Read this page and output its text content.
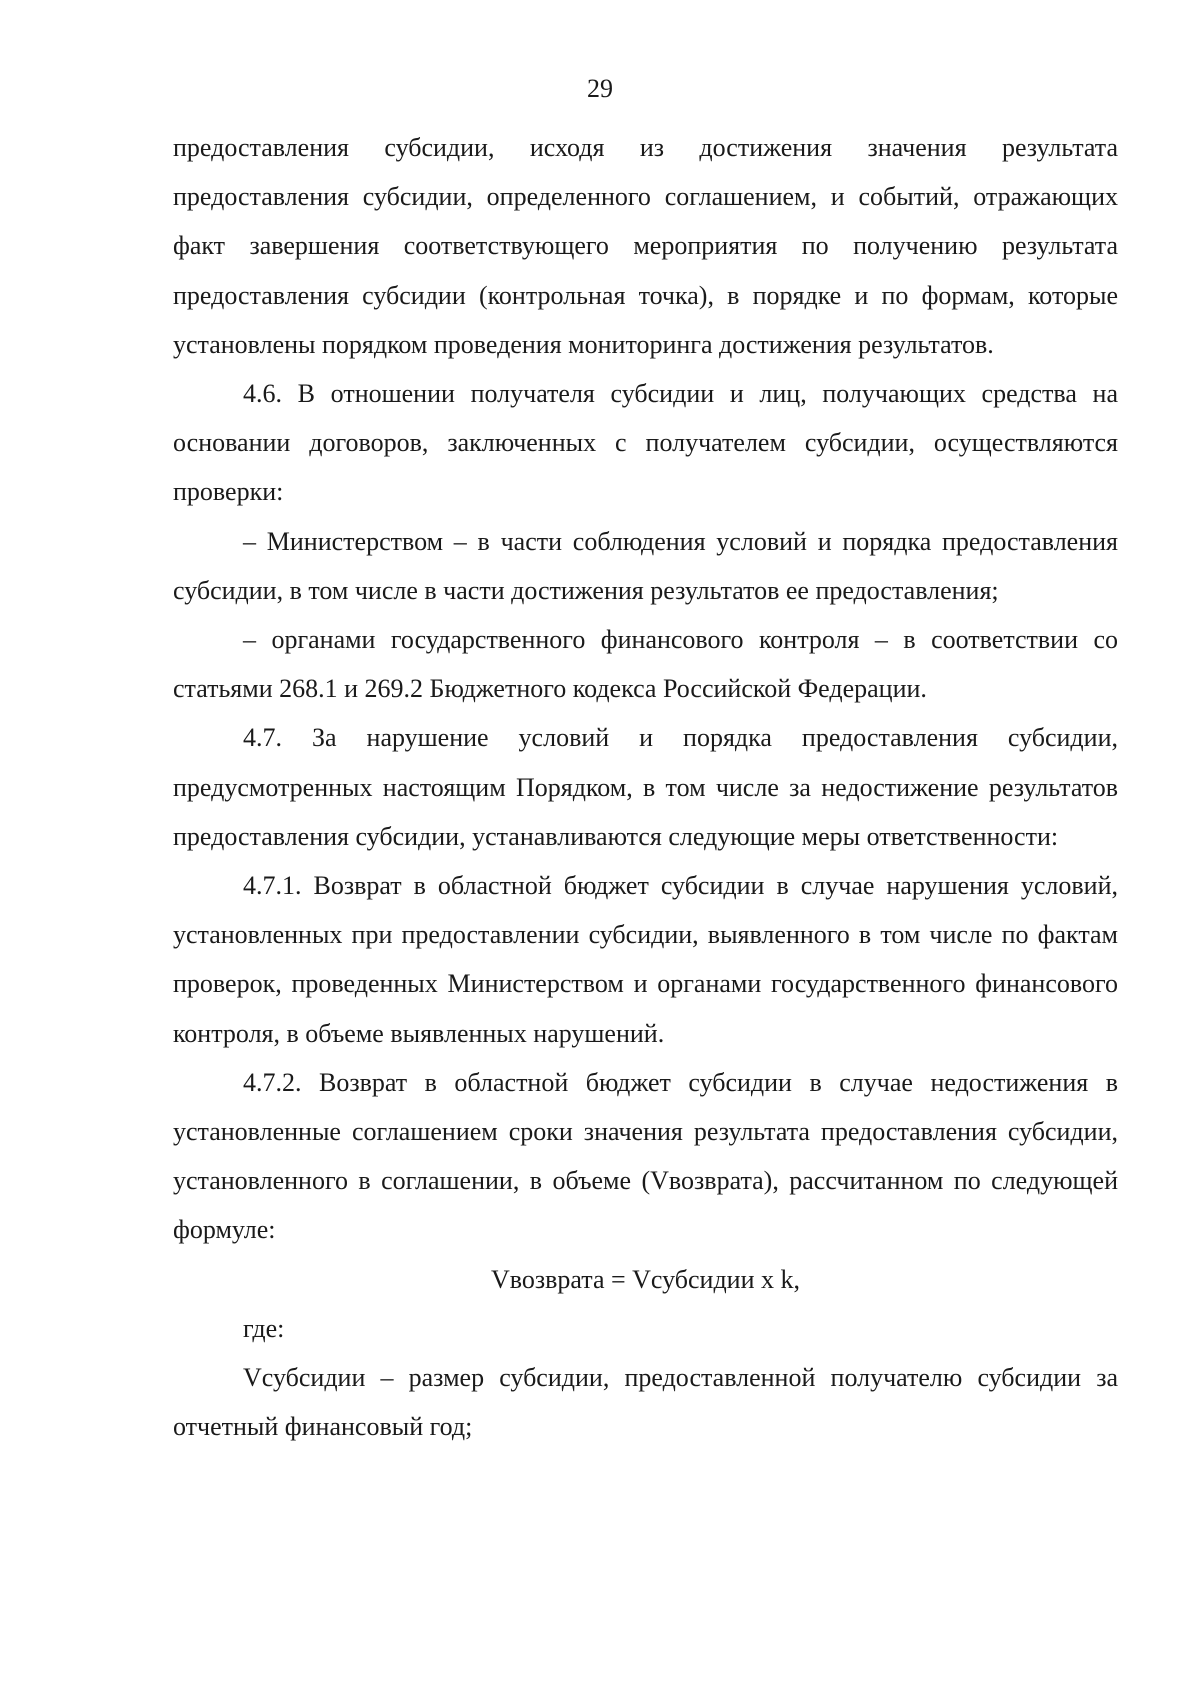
29

предоставления субсидии, исходя из достижения значения результата предоставления субсидии, определенного соглашением, и событий, отражающих факт завершения соответствующего мероприятия по получению результата предоставления субсидии (контрольная точка), в порядке и по формам, которые установлены порядком проведения мониторинга достижения результатов.

4.6. В отношении получателя субсидии и лиц, получающих средства на основании договоров, заключенных с получателем субсидии, осуществляются проверки:

– Министерством – в части соблюдения условий и порядка предоставления субсидии, в том числе в части достижения результатов ее предоставления;

– органами государственного финансового контроля – в соответствии со статьями 268.1 и 269.2 Бюджетного кодекса Российской Федерации.

4.7. За нарушение условий и порядка предоставления субсидии, предусмотренных настоящим Порядком, в том числе за недостижение результатов предоставления субсидии, устанавливаются следующие меры ответственности:

4.7.1. Возврат в областной бюджет субсидии в случае нарушения условий, установленных при предоставлении субсидии, выявленного в том числе по фактам проверок, проведенных Министерством и органами государственного финансового контроля, в объеме выявленных нарушений.

4.7.2. Возврат в областной бюджет субсидии в случае недостижения в установленные соглашением сроки значения результата предоставления субсидии, установленного в соглашении, в объеме (Vвозврата), рассчитанном по следующей формуле:

Vвозврата = Vсубсидии x k,

где:

Vсубсидии – размер субсидии, предоставленной получателю субсидии за отчетный финансовый год;
